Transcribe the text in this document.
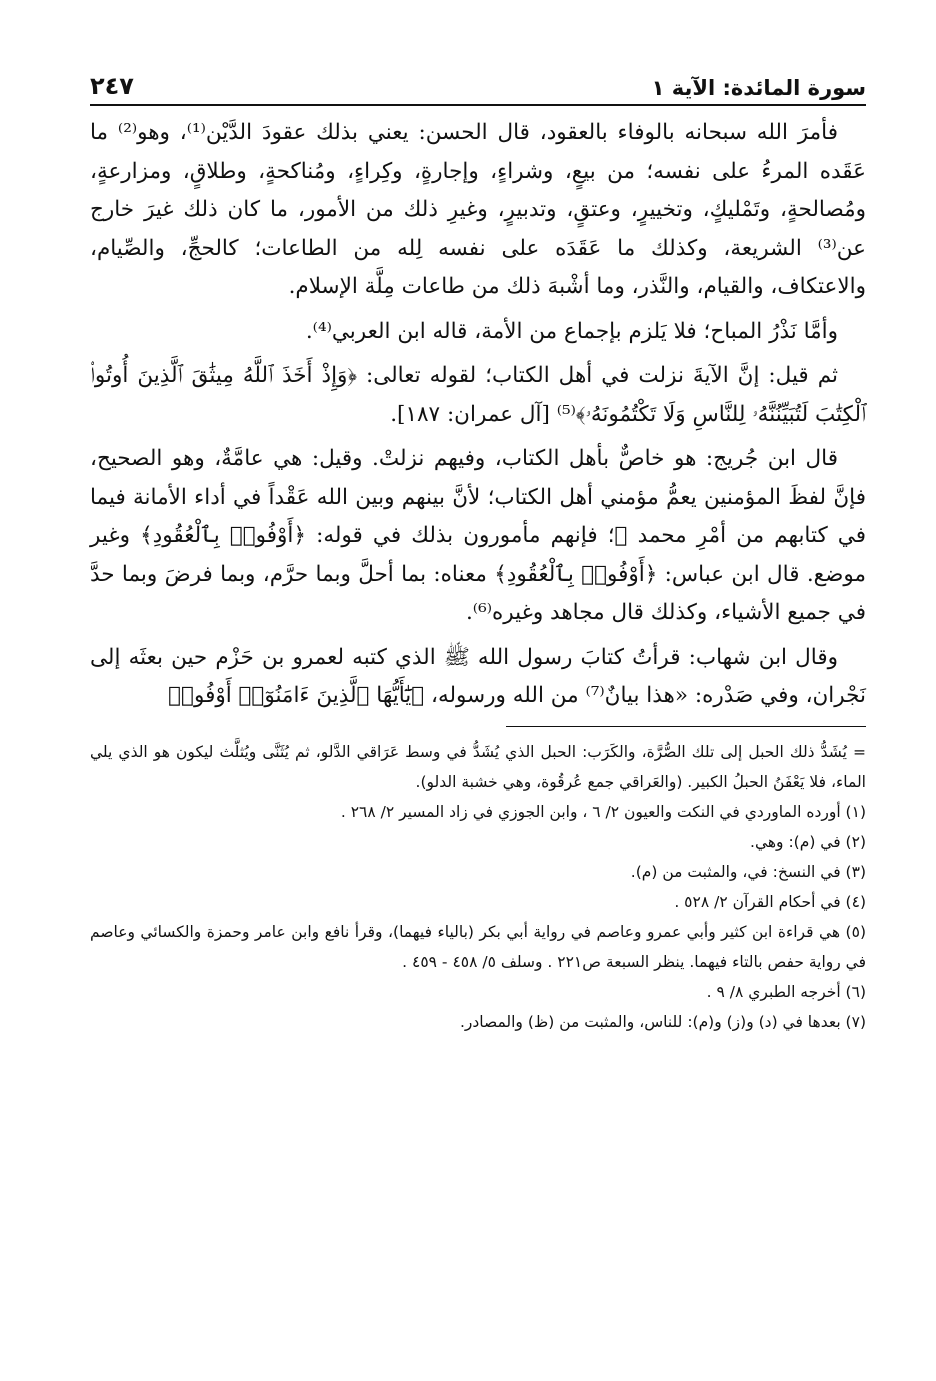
سورة المائدة: الآية ١
٢٤٧

فأمرَ الله سبحانه بالوفاء بالعقود، قال الحسن: يعني بذلك عقودَ الدَّيْن⁽¹⁾، وهو⁽²⁾ ما عَقَده المرءُ على نفسه؛ من بيعٍ، وشراءٍ، وإجارةٍ، وكِراءٍ، ومُناكحةٍ، وطلاقٍ، ومزارعةٍ، ومُصالحةٍ، وتَمْليكٍ، وتخييرٍ، وعتقٍ، وتدبيرٍ، وغيرِ ذلك من الأمور، ما كان ذلك غيرَ خارج عن⁽³⁾ الشريعة، وكذلك ما عَقَدَه على نفسه لِله من الطاعات؛ كالحجِّ، والصِّيام، والاعتكاف، والقيام، والنَّذر، وما أشْبهَ ذلك من طاعات مِلَّة الإسلام.

وأمَّا نَذْرُ المباح؛ فلا يَلزم بإجماع من الأمة، قاله ابن العربي⁽⁴⁾.

ثم قيل: إنَّ الآيةَ نزلت في أهل الكتاب؛ لقوله تعالى: ﴿وَإِذْ أَخَذَ ٱللَّهُ مِيثَٰقَ ٱلَّذِينَ أُوتُوا۟ ٱلْكِتَٰبَ لَتُبَيِّنُنَّهُۥ لِلنَّاسِ وَلَا تَكْتُمُونَهُۥ﴾⁽⁵⁾ [آل عمران: ١٨٧].

قال ابن جُريج: هو خاصٌّ بأهل الكتاب، وفيهم نزلتْ. وقيل: هي عامَّةٌ، وهو الصحيح، فإنَّ لفظَ المؤمنين يعمُّ مؤمني أهل الكتاب؛ لأنَّ بينهم وبين الله عَقْداً في أداء الأمانة فيما في كتابهم من أمْرِ محمد ﷺ؛ فإنهم مأمورون بذلك في قوله: ﴿أَوْفُوا۟ بِٱلْعُقُودِ﴾ وغير موضع. قال ابن عباس: ﴿أَوْفُوا۟ بِٱلْعُقُودِ﴾ معناه: بما أحلَّ وبما حرَّم، وبما فرضَ وبما حدَّ في جميع الأشياء، وكذلك قال مجاهد وغيره⁽⁶⁾.

وقال ابن شهاب: قرأتُ كتابَ رسول الله ﷺ الذي كتبه لعمرو بن حَزْم حين بعثَه إلى نَجْران، وفي صَدْره: «هذا بيانٌ⁽⁷⁾ من الله ورسوله، ﴿يَٰٓأَيُّهَا ٱلَّذِينَ ءَامَنُوٓا۟ أَوْفُوا۟

= يُشَدُّ ذلك الحبل إلى تلك الصُّرَّة، والكَرَب: الحبل الذي يُشَدُّ في وسط عَرَاقي الدَّلو، ثم يُثَنَّى ويُثلَّث ليكون هو الذي يلي الماء، فلا يَعْفَنُ الحبلُ الكبير. (والعَراقي جمع عُرقُوة، وهي خشبة الدلو).

(١) أورده الماوردي في النكت والعيون ٢/ ٦ ، وابن الجوزي في زاد المسير ٢/ ٢٦٨ .

(٢) في (م): وهي.

(٣) في النسخ: في، والمثبت من (م).

(٤) في أحكام القرآن ٢/ ٥٢٨ .

(٥) هي قراءة ابن كثير وأبي عمرو وعاصم في رواية أبي بكر (بالياء فيهما)، وقرأ نافع وابن عامر وحمزة والكسائي وعاصم في رواية حفص بالتاء فيهما. ينظر السبعة ص٢٢١ . وسلف ٥/ ٤٥٨ - ٤٥٩ .

(٦) أخرجه الطبري ٨/ ٩ .

(٧) بعدها في (د) و(ز) و(م): للناس، والمثبت من (ظ) والمصادر.
